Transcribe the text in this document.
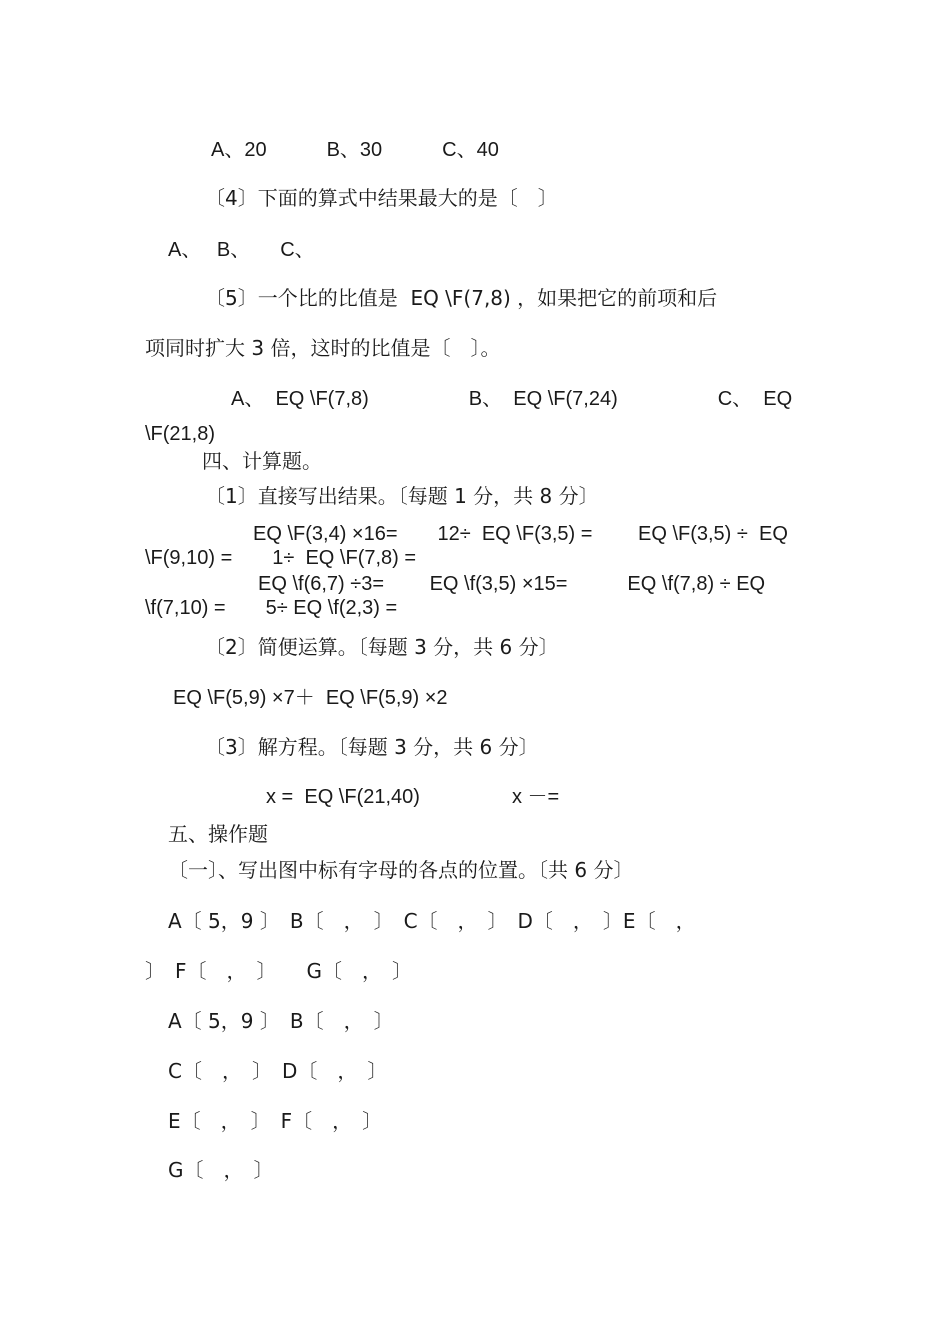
A、20　　　B、30　　　C、40
〔4〕下面的算式中结果最大的是〔　〕
A、　 B、　　C、
〔5〕一个比的比值是  EQ \F(7,8) ，如果把它的前项和后
项同时扩大 3 倍，这时的比值是〔　〕。
A、  EQ \F(7,8)　　　　　B、  EQ \F(7,24)　　　　　C、  EQ
\F(21,8)
四、计算题。
〔1〕直接写出结果。〔每题 1 分，共 8 分〕
EQ \F(3,4) ×16=　　12÷  EQ \F(3,5) =　　 EQ \F(3,5) ÷  EQ
\F(9,10) =　　1÷  EQ \F(7,8) =
EQ \f(6,7) ÷3=　　 EQ \f(3,5) ×15=　　　EQ \f(7,8) ÷ EQ
\f(7,10) =　　5÷ EQ \f(2,3) =
〔2〕简便运算。〔每题 3 分，共 6 分〕
EQ \F(5,9) ×7＋  EQ \F(5,9) ×2
〔3〕解方程。〔每题 3 分，共 6 分〕
x =  EQ \F(21,40)	x －=
五、操作题
〔一〕、写出图中标有字母的各点的位置。〔共 6 分〕
A〔 5，9 〕　B〔　，　〕　C〔　，　〕　D〔　，　〕E〔　，
〕　F〔　，　〕　　G〔　，　〕
A〔 5，9 〕　B〔　，　〕
C〔　，　〕　D〔　，　〕
E〔　，　〕　F〔　，　〕
G〔　，　〕
